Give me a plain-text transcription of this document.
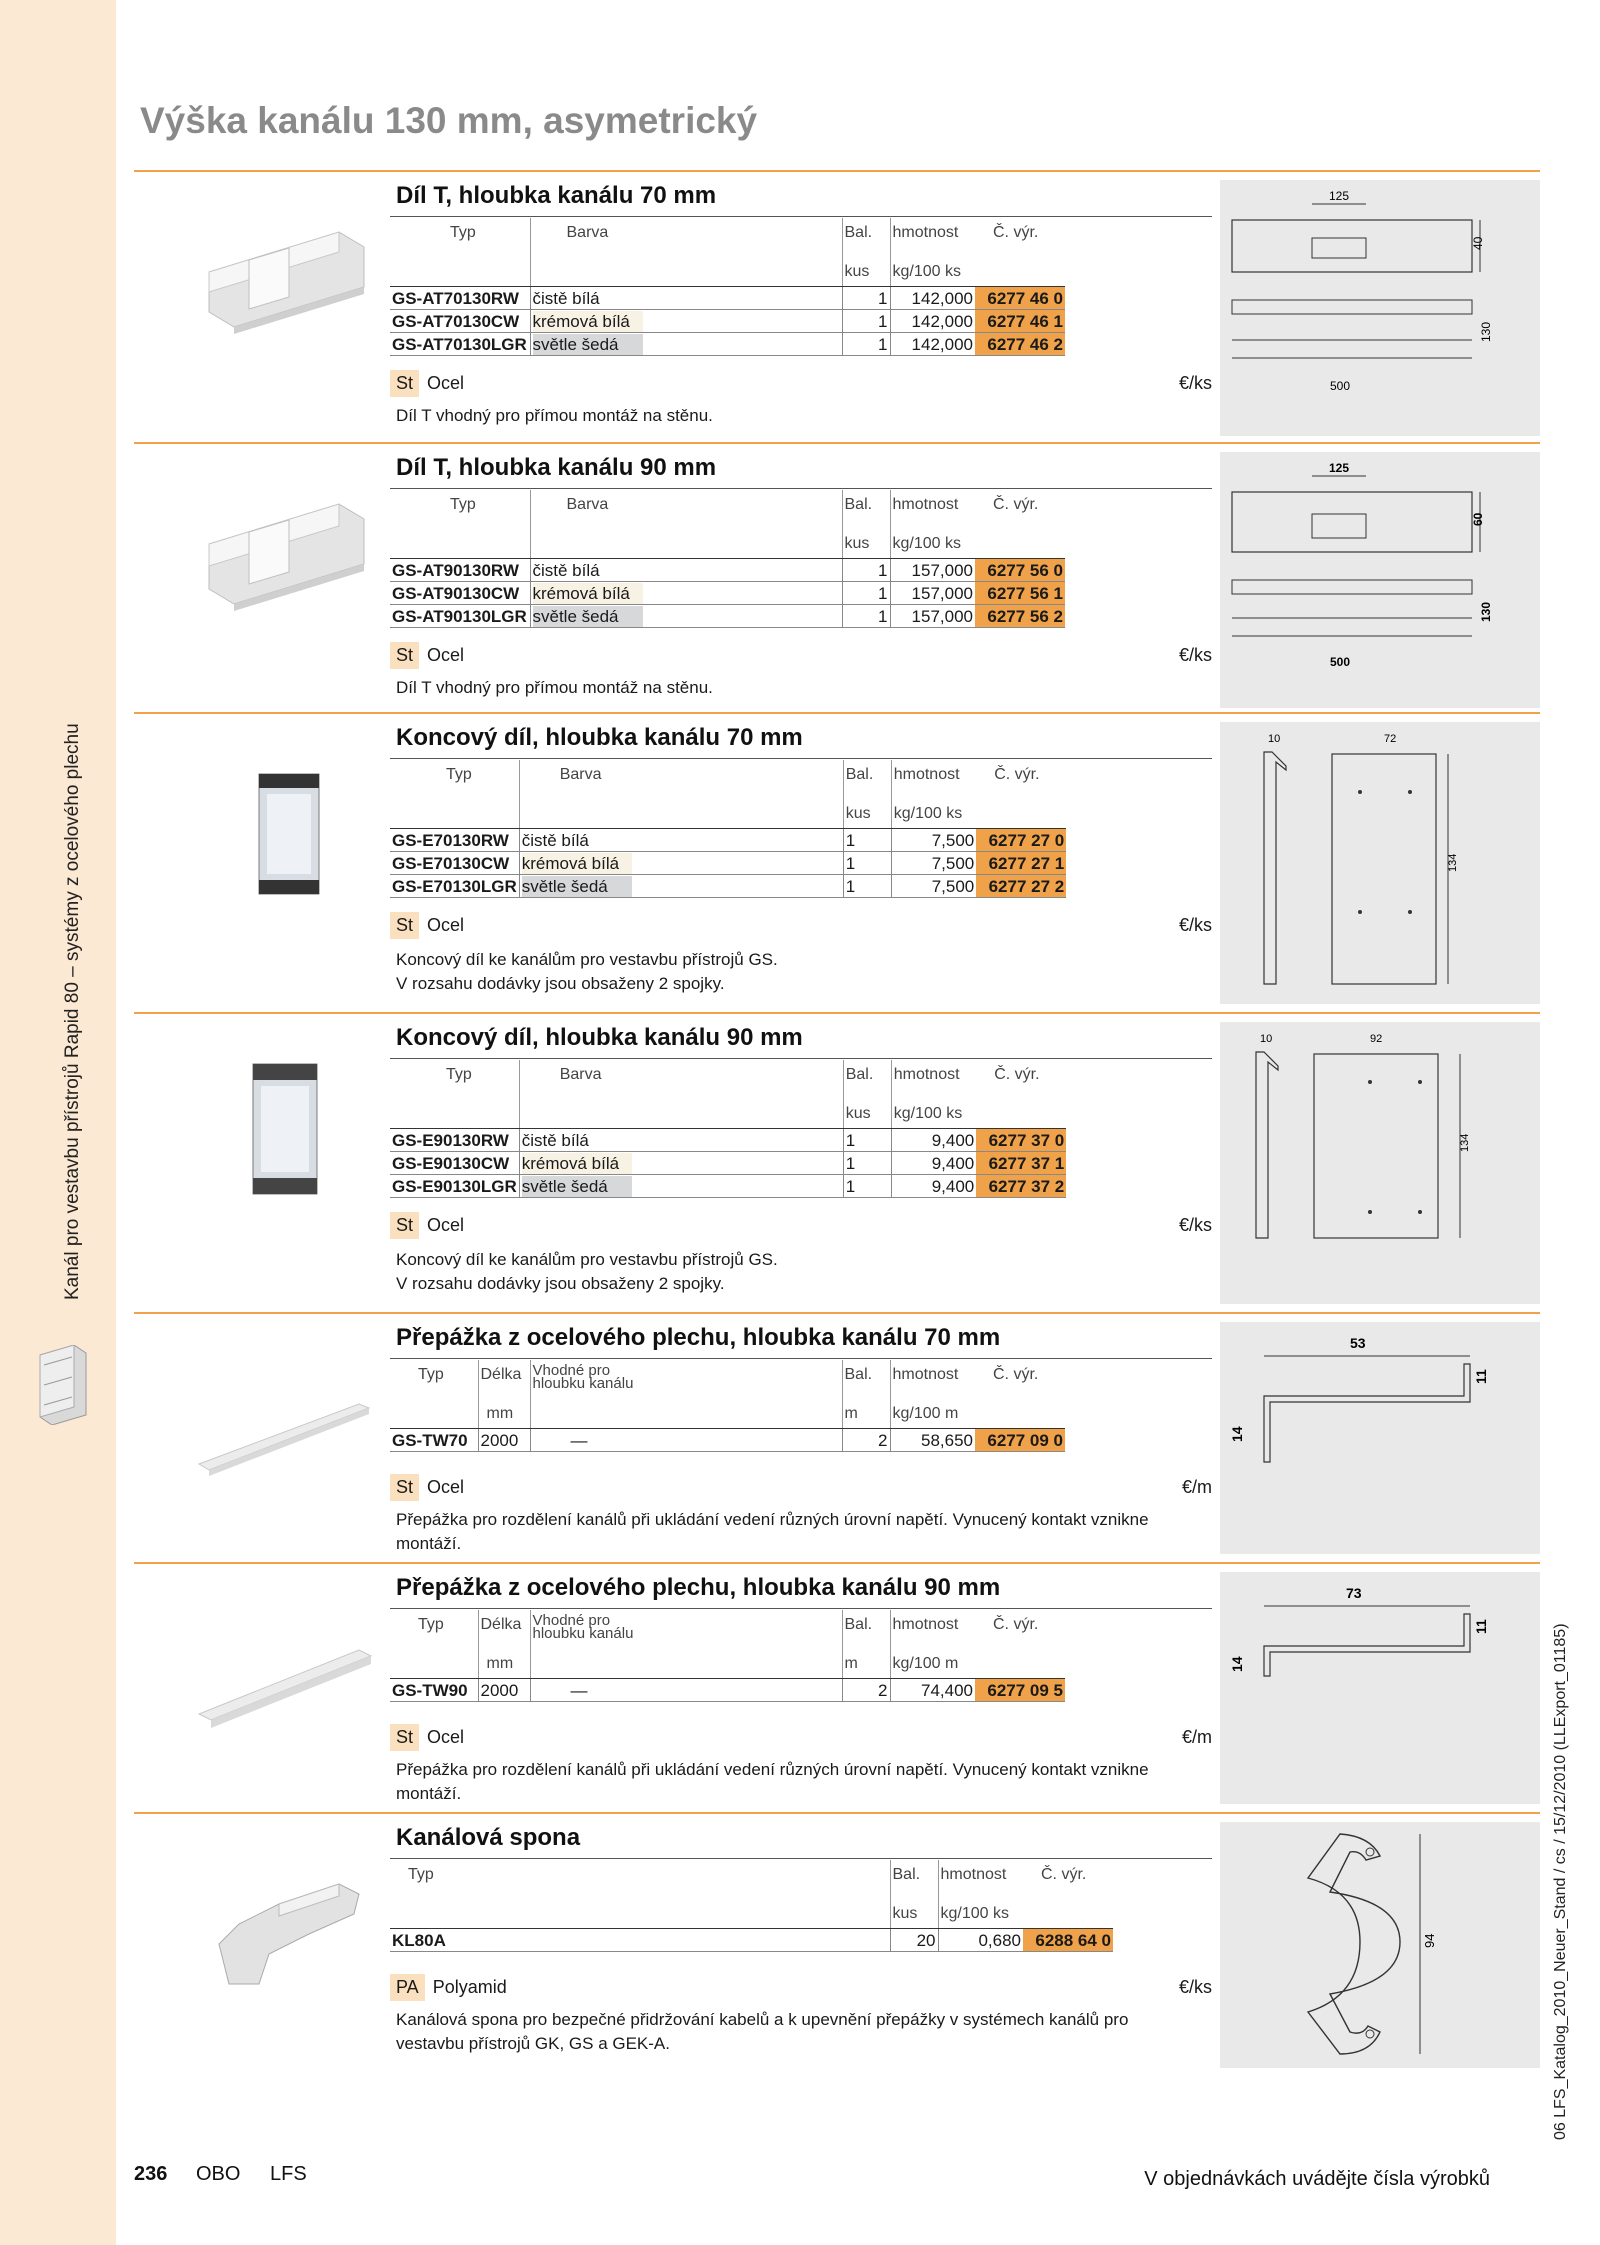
Kanál pro vestavbu přístrojů Rapid 80 – systémy z ocelového plechu
Výška kanálu 130 mm, asymetrický
06 LFS_Katalog_2010_Neuer_Stand / cs / 15/12/2010 (LLExport_01185)
Díl T, hloubka kanálu 70 mm
Typ	Barva	Bal.	hmotnost	Č. výr.
		kus	kg/100 ks	
GS-AT70130RW	čistě bílá	1	142,000	6277 46 0
GS-AT70130CW	krémová bílá	1	142,000	6277 46 1
GS-AT70130LGR	světle šedá	1	142,000	6277 46 2
St Ocel	€/ks
Díl T vhodný pro přímou montáž na stěnu.
125
40
130
500
Díl T, hloubka kanálu 90 mm
Typ	Barva	Bal.	hmotnost	Č. výr.
		kus	kg/100 ks	
GS-AT90130RW	čistě bílá	1	157,000	6277 56 0
GS-AT90130CW	krémová bílá	1	157,000	6277 56 1
GS-AT90130LGR	světle šedá	1	157,000	6277 56 2
St Ocel	€/ks
Díl T vhodný pro přímou montáž na stěnu.
125
60
130
500
Koncový díl, hloubka kanálu 70 mm
Typ	Barva	Bal.	hmotnost	Č. výr.
		kus	kg/100 ks	
GS-E70130RW	čistě bílá	1	7,500	6277 27 0
GS-E70130CW	krémová bílá	1	7,500	6277 27 1
GS-E70130LGR	světle šedá	1	7,500	6277 27 2
St Ocel	€/ks
Koncový díl ke kanálům pro vestavbu přístrojů GS.
V rozsahu dodávky jsou obsaženy 2 spojky.
10	72
134
Koncový díl, hloubka kanálu 90 mm
Typ	Barva	Bal.	hmotnost	Č. výr.
		kus	kg/100 ks	
GS-E90130RW	čistě bílá	1	9,400	6277 37 0
GS-E90130CW	krémová bílá	1	9,400	6277 37 1
GS-E90130LGR	světle šedá	1	9,400	6277 37 2
St Ocel	€/ks
Koncový díl ke kanálům pro vestavbu přístrojů GS.
V rozsahu dodávky jsou obsaženy 2 spojky.
10	92
134
Přepážka z ocelového plechu, hloubka kanálu 70 mm
Typ	Délka	Vhodné pro hloubku kanálu	Bal.	hmotnost	Č. výr.
	mm		m	kg/100 m	
GS-TW70	2000	—	2	58,650	6277 09 0
St Ocel	€/m
Přepážka pro rozdělení kanálů při ukládání vedení různých úrovní napětí. Vynucený kontakt vznikne montáží.
53
11
14
Přepážka z ocelového plechu, hloubka kanálu 90 mm
Typ	Délka	Vhodné pro hloubku kanálu	Bal.	hmotnost	Č. výr.
	mm		m	kg/100 m	
GS-TW90	2000	—	2	74,400	6277 09 5
St Ocel	€/m
Přepážka pro rozdělení kanálů při ukládání vedení různých úrovní napětí. Vynucený kontakt vznikne montáží.
73
11
14
Kanálová spona
Typ	Bal.	hmotnost	Č. výr.
	kus	kg/100 ks	
KL80A	20	0,680	6288 64 0
PA Polyamid	€/ks
Kanálová spona pro bezpečné přidržování kabelů a k upevnění přepážky v systémech kanálů pro vestavbu přístrojů GK, GS a GEK-A.
94
236 OBO LFS	V objednávkách uvádějte čísla výrobků
